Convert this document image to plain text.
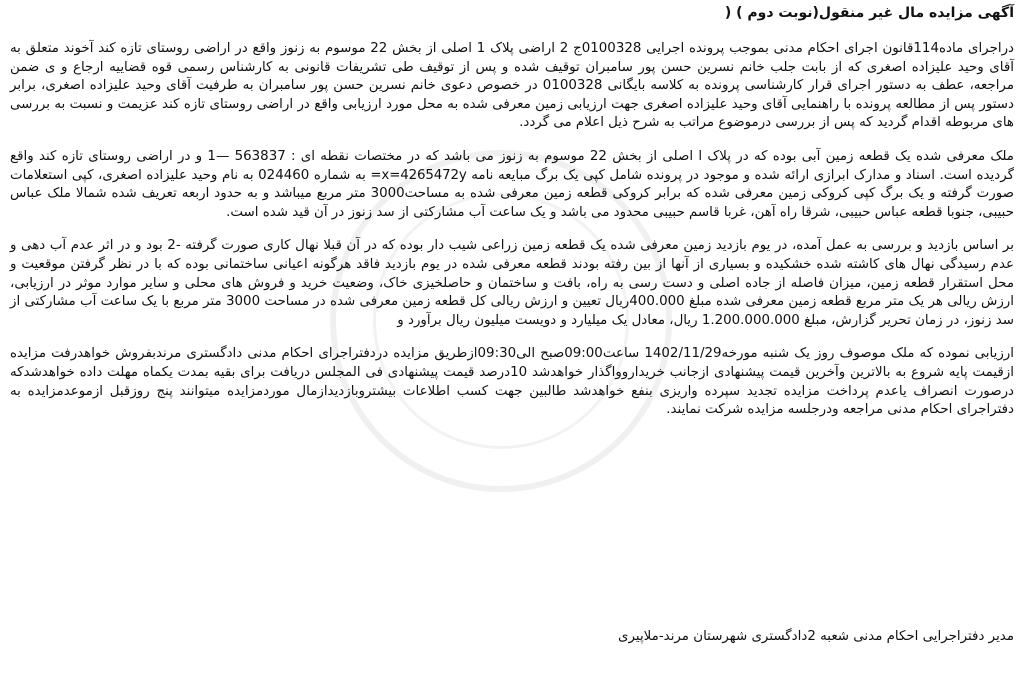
آگهی مزایده مال غیر منقول(نوبت دوم ) (

دراجرای ماده114قانون اجرای احکام مدنی بموجب پرونده اجرایی 0100328ج 2 اراضی پلاک 1 اصلی از بخش 22 موسوم به زنوز واقع در اراضی روستای تازه کند آخوند متعلق به آقای وحید علیزاده اصغری که از بابت جلب خانم نسرین حسن پور سامبران توقیف شده و پس از توقیف طی تشریفات قانونی به کارشناس رسمی قوه قضاییه ارجاع و ی ضمن مراجعه، عطف به دستور اجرای قرار کارشناسی پرونده به کلاسه بایگانی 0100328 در خصوص دعوی خانم نسرین حسن پور سامبران به طرفیت آقای وحید علیزاده اصغری، برابر دستور پس از مطالعه پرونده با راهنمایی آقای وحید علیزاده اصغری جهت ارزیابی زمین معرفی شده به محل مورد ارزیابی واقع در اراضی روستای تازه کند عزیمت و نسبت به بررسی های مربوطه اقدام گردید که پس از بررسی درموضوع مراتب به شرح ذیل اعلام می گردد.

ملک معرفی شده یک قطعه زمین آبی بوده که در پلاک ا اصلی از بخش 22 موسوم به زنوز می باشد که در مختصات نقطه ای : 563837 —1 و در اراضی روستای تازه کند واقع گردیده است. اسناد و مدارک ابرازی ارائه شده و موجود در پرونده شامل کپی یک برگ مبایعه نامه x=4265472y= به شماره 024460 به نام وحید علیزاده اصغری، کپی استعلامات صورت گرفته و یک برگ کپی کروکی زمین معرفی شده که برابر کروکی قطعه زمین معرفی شده به مساحت3000 متر مربع میباشد و به حدود اربعه تعریف شده شمالا ملک عباس حبیبی، جنوبا قطعه عباس حبیبی، شرقا راه آهن، غربا قاسم حبیبی محدود می باشد و یک ساعت آب مشارکتی از سد زنوز در آن قید شده است.

بر اساس بازدید و بررسی به عمل آمده، در یوم بازدید زمین معرفی شده یک قطعه زمین زراعی شیب دار بوده که در آن قبلا نهال کاری صورت گرفته -2 بود و در اثر عدم آب دهی و عدم رسیدگی نهال های کاشته شده خشکیده و بسیاری از آنها از بین رفته بودند قطعه معرفی شده در یوم بازدید فاقد هرگونه اعیانی ساختمانی بوده که با در نظر گرفتن موقعیت و محل استقرار قطعه زمین، میزان فاصله از جاده اصلی و دست رسی به راه، بافت و ساختمان و حاصلخیزی خاک، وضعیت خرید و فروش های محلی و سایر موارد موثر در ارزیابی، ارزش ریالی هر یک متر مربع قطعه زمین معرفی شده مبلغ 400.000ریال تعیین و ارزش ریالی کل قطعه زمین معرفی شده در مساحت 3000 متر مربع با یک ساعت آب مشارکتی از سد زنوز، در زمان تحریر گزارش، مبلغ 1.200.000.000 ریال، معادل یک میلیارد و دویست میلیون ریال برآورد و

ارزیابی نموده که ملک موصوف روز یک شنبه مورخه1402/11/29 ساعت09:00صبح الی09:30ازطریق مزایده دردفتراجرای احکام مدنی دادگستری مرندبفروش خواهدرفت مزایده ازقیمت پایه شروع به بالاترین وآخرین قیمت پیشنهادی ازجانب خریداروواگذار خواهدشد 10درصد قیمت پیشنهادی فی المجلس دریافت برای بقیه بمدت یکماه مهلت داده خواهدشدکه درصورت انصراف یاعدم پرداخت مزایده تجدید سپرده واریزی بنفع خواهدشد طالبین جهت کسب اطلاعات بیشتروبازدیدازمال موردمزایده میتوانند پنج روزقبل ازموعدمزایده به دفتراجرای احکام مدنی مراجعه ودرجلسه مزایده شرکت نمایند.

مدیر دفتراجرایی احکام مدنی شعبه 2دادگستری شهرستان مرند-ملاپیری
